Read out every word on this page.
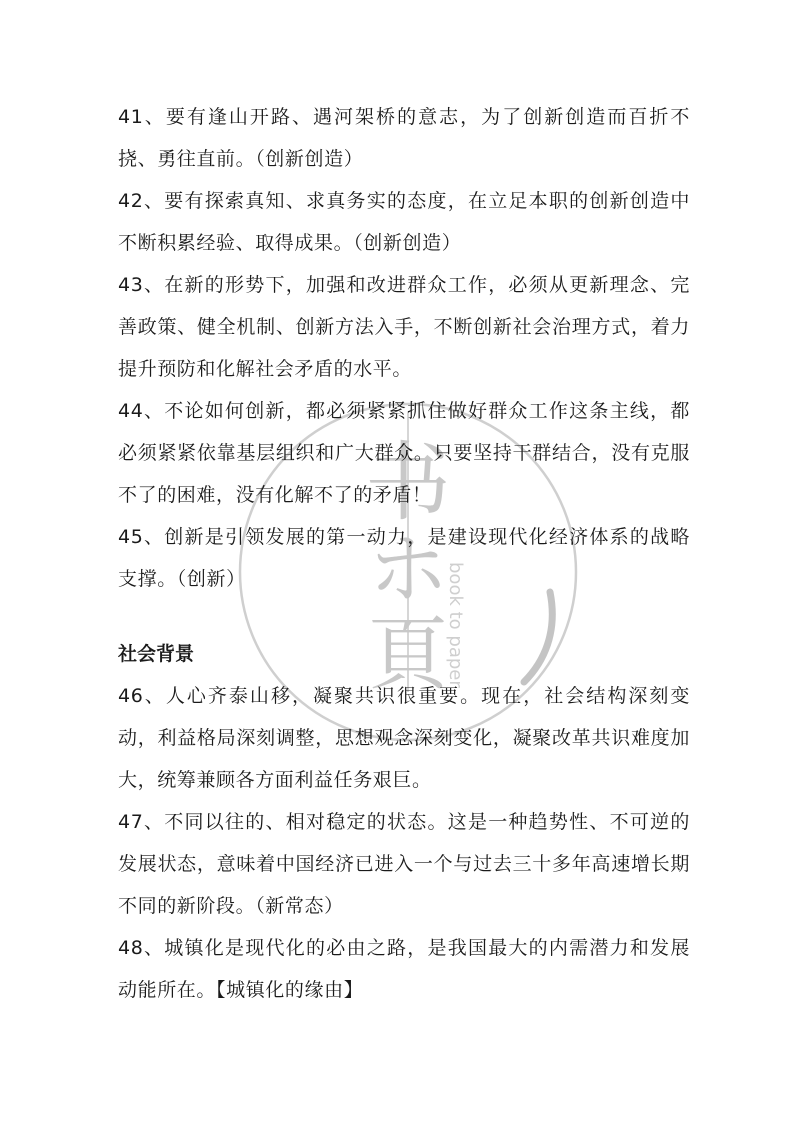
书
ホ
頁
book to paper

41、要有逢山开路、遇河架桥的意志，为了创新创造而百折不挠、勇往直前。（创新创造）

42、要有探索真知、求真务实的态度，在立足本职的创新创造中不断积累经验、取得成果。（创新创造）

43、在新的形势下，加强和改进群众工作，必须从更新理念、完善政策、健全机制、创新方法入手，不断创新社会治理方式，着力提升预防和化解社会矛盾的水平。

44、不论如何创新，都必须紧紧抓住做好群众工作这条主线，都必须紧紧依靠基层组织和广大群众。只要坚持干群结合，没有克服不了的困难，没有化解不了的矛盾！

45、创新是引领发展的第一动力，是建设现代化经济体系的战略支撑。（创新）

社会背景

46、人心齐泰山移，凝聚共识很重要。现在，社会结构深刻变动，利益格局深刻调整，思想观念深刻变化，凝聚改革共识难度加大，统筹兼顾各方面利益任务艰巨。

47、不同以往的、相对稳定的状态。这是一种趋势性、不可逆的发展状态，意味着中国经济已进入一个与过去三十多年高速增长期不同的新阶段。（新常态）

48、城镇化是现代化的必由之路，是我国最大的内需潜力和发展动能所在。【城镇化的缘由】
